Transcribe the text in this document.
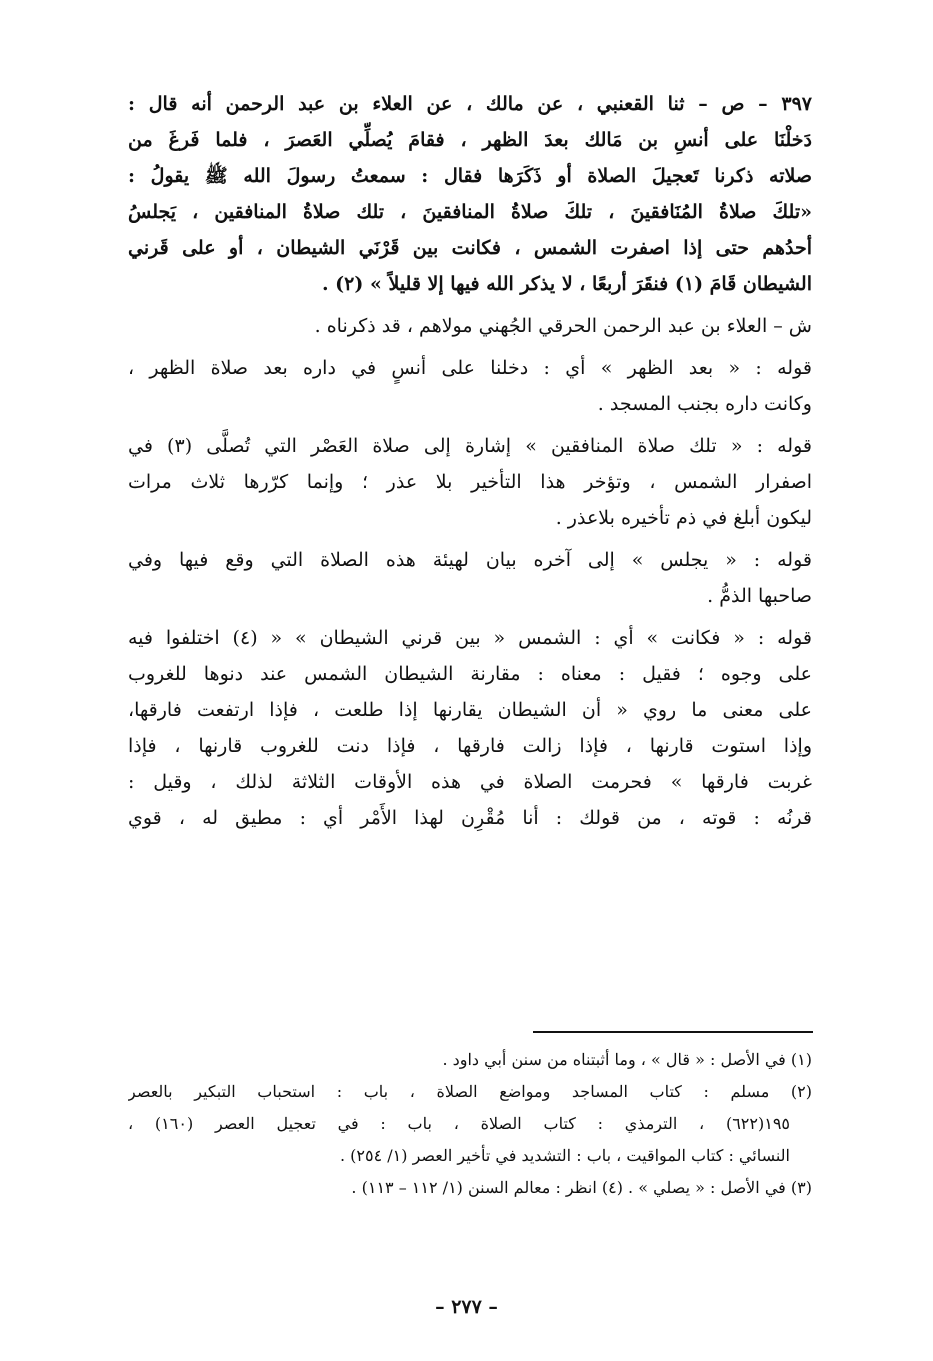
٣٩٧ – ص – ثنا القعنبي ، عن مالك ، عن العلاء بن عبد الرحمن أنه قال :
دَخلْنَا على أنسِ بن مَالك بعدَ الظهر ، فقامَ يُصلِّي العَصرَ ، فلما فَرغَ من
صلاته ذكرنا تَعجيلَ الصلاة أو ذَكَرَها فقال : سمعتُ رسولَ الله ﷺ يقولُ :
«تلكَ صلاةُ المُنَافقينَ ، تلكَ صلاةُ المنافقينَ ، تلك صلاةُ المنافقين ، يَجلسُ
أحدُهم حتى إذا اصفرت الشمس ، فكانت بين قَرْنَي الشيطان ، أو على قَرني
الشيطان قَامَ (١) فنقَرَ أربعًا ، لا يذكر الله فيها إلا قليلاً » (٢) .
ش – العلاء بن عبد الرحمن الحرقي الجُهني مولاهم ، قد ذكرناه .
قوله : « بعد الظهر » أي : دخلنا على أنسٍ في داره بعد صلاة الظهر ،
وكانت داره بجنب المسجد .
قوله : « تلك صلاة المنافقين » إشارة إلى صلاة العَصْر التي تُصلَّى (٣) في
اصفرار الشمس ، وتؤخر هذا التأخير بلا عذر ؛ وإنما كرّرها ثلاث مرات
ليكون أبلغ في ذم تأخيره بلاعذر .
قوله : « يجلس » إلى آخره بيان لهيئة هذه الصلاة التي وقع فيها وفي
صاحبها الذمُّ .
قوله : « فكانت » أي : الشمس « بين قرني الشيطان » « (٤) اختلفوا فيه
على وجوه ؛ فقيل : معناه : مقارنة الشيطان الشمس عند دنوها للغروب
على معنى ما روي « أن الشيطان يقارنها إذا طلعت ، فإذا ارتفعت فارقها،
وإذا استوت قارنها ، فإذا زالت فارقها ، فإذا دنت للغروب قارنها ، فإذا
غربت فارقها » فحرمت الصلاة في هذه الأوقات الثلاثة لذلك ، وقيل :
قرنُه : قوته ، من قولك : أنا مُقْرِن لهذا الأَمْر أي : مطيق له ، قوي
(١) في الأصل : « قال » ، وما أثبتناه من سنن أبي داود .
(٢) مسلم : كتاب المساجد ومواضع الصلاة ، باب : استحباب التبكير بالعصر
١٩٥(٦٢٢) ، الترمذي : كتاب الصلاة ، باب : في تعجيل العصر (١٦٠) ،
النسائي : كتاب المواقيت ، باب : التشديد في تأخير العصر (١/ ٢٥٤) .
(٣) في الأصل : « يصلي » . (٤) انظر : معالم السنن (١/ ١١٢ – ١١٣) .
– ٢٧٧ –
